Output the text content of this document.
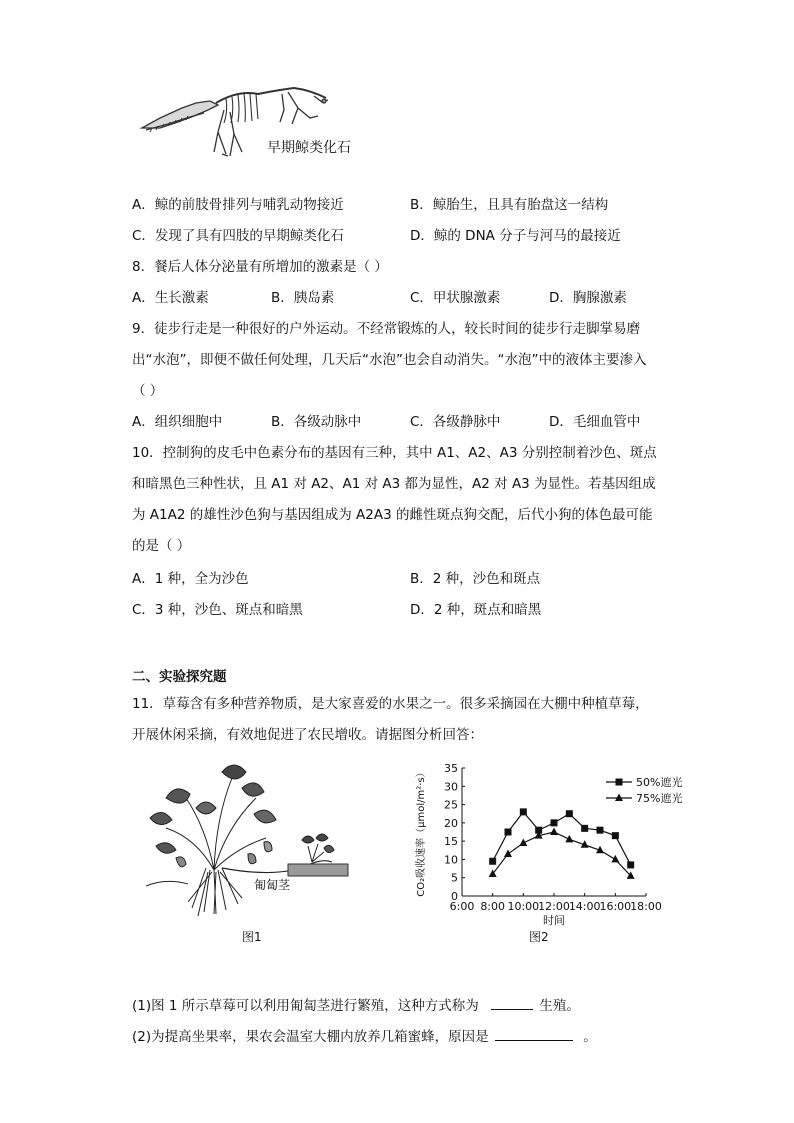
早期鲸类化石
A．鲸的前肢骨排列与哺乳动物接近	B．鲸胎生，且具有胎盘这一结构
C．发现了具有四肢的早期鲸类化石	D．鲸的 DNA 分子与河马的最接近
8．餐后人体分泌量有所增加的激素是（ ）
A．生长激素	B．胰岛素	C．甲状腺激素	D．胸腺激素
9．徒步行走是一种很好的户外运动。不经常锻炼的人，较长时间的徒步行走脚掌易磨
出“水泡”，即便不做任何处理，几天后“水泡”也会自动消失。“水泡”中的液体主要渗入
（ ）
A．组织细胞中	B．各级动脉中	C．各级静脉中	D．毛细血管中
10．控制狗的皮毛中色素分布的基因有三种，其中 A1、A2、A3 分别控制着沙色、斑点
和暗黑色三种性状，且 A1 对 A2、A1 对 A3 都为显性，A2 对 A3 为显性。若基因组成
为 A1A2 的雄性沙色狗与基因组成为 A2A3 的雌性斑点狗交配，后代小狗的体色最可能
的是（ ）
A．1 种，全为沙色	B．2 种，沙色和斑点
C．3 种，沙色、斑点和暗黑	D．2 种，斑点和暗黑
二、实验探究题
11．草莓含有多种营养物质，是大家喜爱的水果之一。很多采摘园在大棚中种植草莓，
开展休闲采摘，有效地促进了农民增收。请据图分析回答：
匍匐茎
图1
0
5
10
15
20
25
30
35
6:00 8:00 10:00
12:00
14:00
16:00
18:00
时间
CO₂吸收速率（μmol/m²·s）	50%遮光
75%遮光
图2
(1)图 1 所示草莓可以利用匍匐茎进行繁殖，这种方式称为	生殖。
(2)为提高坐果率，果农会温室大棚内放养几箱蜜蜂，原因是	。
